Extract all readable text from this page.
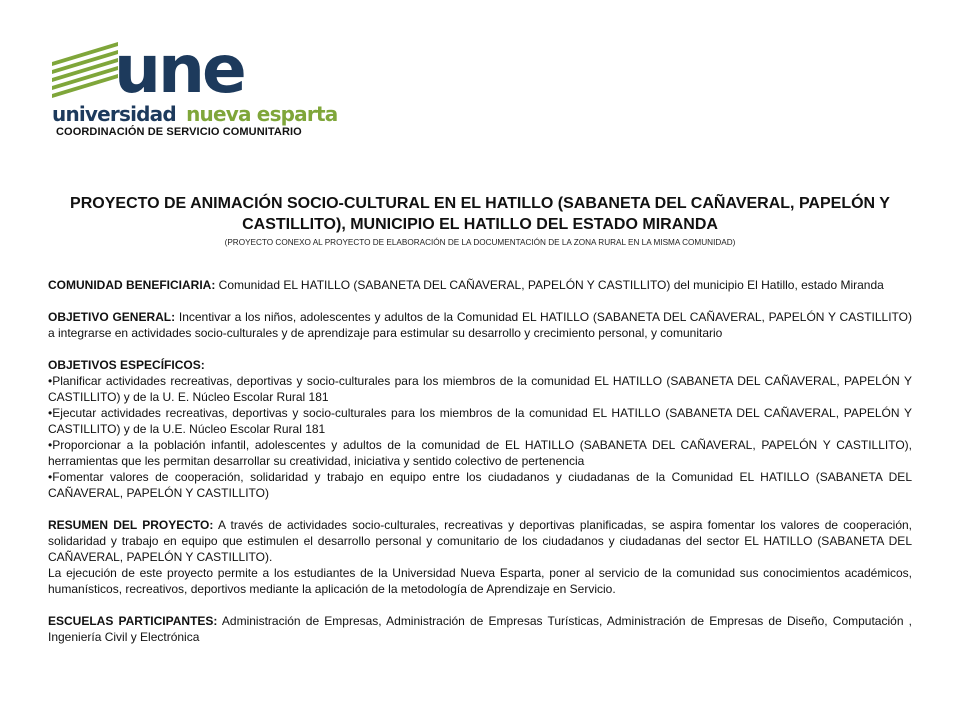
une
universidad nueva esparta
COORDINACIÓN DE SERVICIO COMUNITARIO
PROYECTO DE ANIMACIÓN SOCIO-CULTURAL EN EL HATILLO (SABANETA DEL CAÑAVERAL, PAPELÓN Y CASTILLITO), MUNICIPIO EL HATILLO DEL ESTADO MIRANDA
(PROYECTO CONEXO AL PROYECTO DE ELABORACIÓN DE LA DOCUMENTACIÓN DE LA ZONA RURAL EN LA MISMA COMUNIDAD)

COMUNIDAD BENEFICIARIA: Comunidad EL HATILLO (SABANETA DEL CAÑAVERAL, PAPELÓN Y CASTILLITO) del municipio El Hatillo, estado Miranda

OBJETIVO GENERAL: Incentivar a los niños, adolescentes y adultos de la Comunidad EL HATILLO (SABANETA DEL CAÑAVERAL, PAPELÓN Y CASTILLITO) a integrarse en actividades socio-culturales y de aprendizaje para estimular su desarrollo y crecimiento personal, y comunitario

OBJETIVOS ESPECÍFICOS:

•Planificar actividades recreativas, deportivas y socio-culturales para los miembros de la comunidad EL HATILLO (SABANETA DEL CAÑAVERAL, PAPELÓN Y CASTILLITO) y de la U. E. Núcleo Escolar Rural 181

•Ejecutar actividades recreativas, deportivas y socio-culturales para los miembros de la comunidad EL HATILLO (SABANETA DEL CAÑAVERAL, PAPELÓN Y CASTILLITO) y de la U.E. Núcleo Escolar Rural 181

•Proporcionar a la población infantil, adolescentes y adultos de la comunidad de EL HATILLO (SABANETA DEL CAÑAVERAL, PAPELÓN Y CASTILLITO), herramientas que les permitan desarrollar su creatividad, iniciativa y sentido colectivo de pertenencia

•Fomentar valores de cooperación, solidaridad y trabajo en equipo entre los ciudadanos y ciudadanas de la Comunidad EL HATILLO (SABANETA DEL CAÑAVERAL, PAPELÓN Y CASTILLITO)

RESUMEN DEL PROYECTO: A través de actividades socio-culturales, recreativas y deportivas planificadas, se aspira fomentar los valores de cooperación, solidaridad y trabajo en equipo que estimulen el desarrollo personal y comunitario de los ciudadanos y ciudadanas del sector EL HATILLO (SABANETA DEL CAÑAVERAL, PAPELÓN Y CASTILLITO).

La ejecución de este proyecto permite a los estudiantes de la Universidad Nueva Esparta, poner al servicio de la comunidad sus conocimientos académicos, humanísticos, recreativos, deportivos mediante la aplicación de la metodología de Aprendizaje en Servicio.

ESCUELAS PARTICIPANTES: Administración de Empresas, Administración de Empresas Turísticas, Administración de Empresas de Diseño, Computación , Ingeniería Civil y Electrónica
